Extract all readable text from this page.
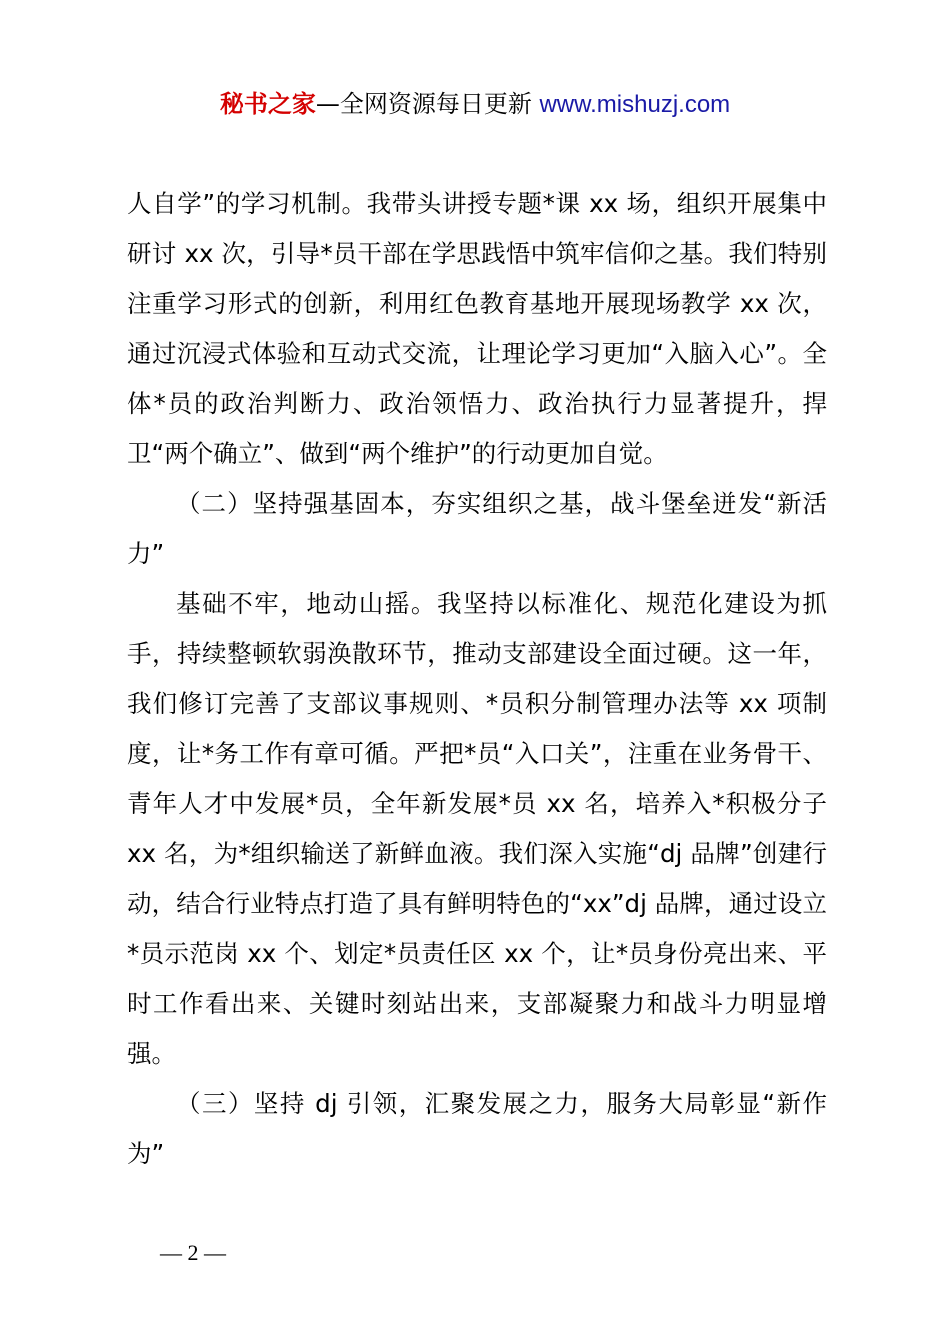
秘书之家—全网资源每日更新 www.mishuzj.com

人自学”的学习机制。我带头讲授专题*课 xx 场，组织开展集中研讨 xx 次，引导*员干部在学思践悟中筑牢信仰之基。我们特别注重学习形式的创新，利用红色教育基地开展现场教学 xx 次，通过沉浸式体验和互动式交流，让理论学习更加“入脑入心”。全体*员的政治判断力、政治领悟力、政治执行力显著提升，捍卫“两个确立”、做到“两个维护”的行动更加自觉。

（二）坚持强基固本，夯实组织之基，战斗堡垒迸发“新活力”

基础不牢，地动山摇。我坚持以标准化、规范化建设为抓手，持续整顿软弱涣散环节，推动支部建设全面过硬。这一年，我们修订完善了支部议事规则、*员积分制管理办法等 xx 项制度，让*务工作有章可循。严把*员“入口关”，注重在业务骨干、青年人才中发展*员，全年新发展*员 xx 名，培养入*积极分子 xx 名，为*组织输送了新鲜血液。我们深入实施“dj 品牌”创建行动，结合行业特点打造了具有鲜明特色的“xx”dj 品牌，通过设立*员示范岗 xx 个、划定*员责任区 xx 个，让*员身份亮出来、平时工作看出来、关键时刻站出来，支部凝聚力和战斗力明显增强。

（三）坚持 dj 引领，汇聚发展之力，服务大局彰显“新作为”

— 2 —
